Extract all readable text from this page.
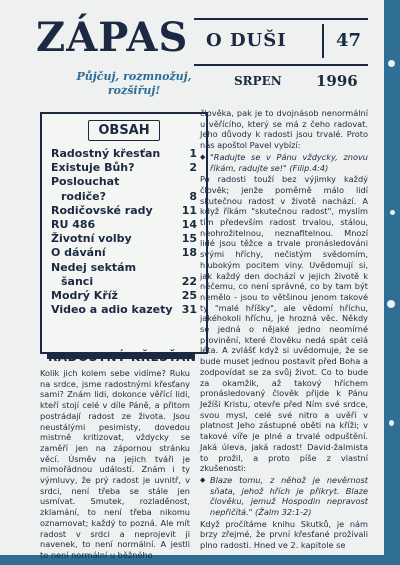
ZÁPAS O DUŠI	47
Půjčuj, rozmnožuj, rozšiřuj!
SRPEN 1996
OBSAH
Radostný křesťan	1
Existuje Bůh?	2
Poslouchat
rodiče?	8
Rodičovské rady	11
RU 486	14
Životní volby	15
O dávání	18
Nedej sektám
šanci	22
Modrý Kříž	25
Video a adio kazety 31
RADOSTNÝ KŘESŤAN

Kolik jich kolem sebe vidíme? Ruku na srdce, jsme radostnými křesťany sami? Znám lidi, dokonce věřící lidi, kteří stojí celé v díle Páně, a přitom postrádají radost ze života. Jsou neustálými pesimisty, dovedou mistrně kritizovat, vždycky se zaměří jen na zápornou stránku věcí. Úsměv na jejich tváři je mimořádnou událostí. Znám i ty výmluvy, že prý radost je uvnitř, v srdci, není třeba se stále jen usmívat. Smutek, rozladěnost, zklamání, to není třeba nikomu oznamovat; každý to pozná. Ale mít radost v srdci a neprojevit ji navenek, to není normální. A jestli to není normální u běžného

člověka, pak je to dvojnásob nenormální u věřícího, který se má z čeho radovat. Jeho důvody k radosti jsou trvalé. Proto nás apoštol Pavel vybízí:

◆ "Radujte se v Pánu vždycky, znovu říkám, radujte se!" (Filip.4:4)

Po radosti touží bez výjimky každý člověk; jenže poměrně málo lidí skutečnou radost v životě nachází. A když říkám "skutečnou radost", myslím tím především radost trvalou, stálou, neohrožitelnou, neznafitelnou. Mnozí lidé jsou těžce a trvale pronásledováni svými hříchy, nečistým svědomím, hlubokým pocitem viny. Uvědomují si, jak každý den dochází v jejich životě k něčemu, co není správné, co by tam být nemělo - jsou to většinou jenom takové ty "malé hříšky", ale vědomí hříchu, jakéhokoli hříchu, je hrozná věc. Někdy se jedná o nějaké jedno neomírné provinění, které člověku nedá spát celá léta. A zvlášť když si uvědomuje, že se bude muset jednou postavit před Boha a zodpovídat se za svůj život. Co to bude za okamžik, až takový hříchem pronásledovaný člověk přijde k Pánu Ježíši Kristu, otevře před Ním své srdce, svou mysl, celé své nitro a uvěří v platnost Jeho zástupné oběti na kříži; v takové víře je plné a trvalé odpuštění. Jaká úleva, jaká radost! David-žalmista to prožil, a proto píše z vlastní zkušenosti:

◆ Blaze tomu, z něhož je nevěrnost sňata, jehož hřích je přikryt. Blaze člověku, jemuž Hospodin nepravost nepřičítá." (Žalm 32:1-2)

Když pročítáme knihu Skutků, je nám brzy zřejmé, že první křesťané prožívali plno radosti. Hned ve 2. kapitole se
